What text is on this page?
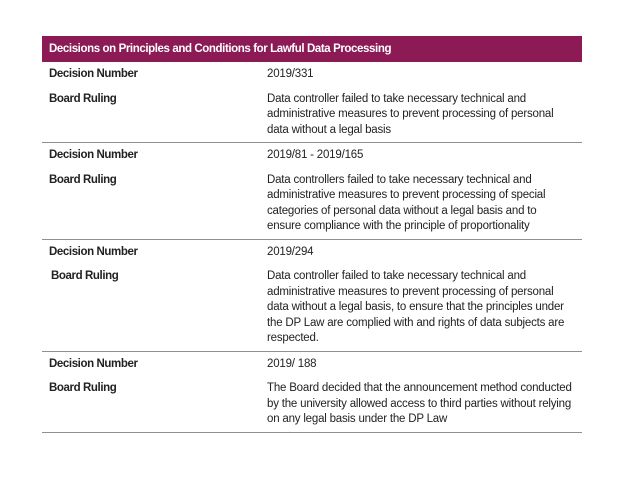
Decisions on Principles and Conditions for Lawful Data Processing
Decision Number	2019/331
Board Ruling	Data controller failed to take necessary technical and administrative measures to prevent processing of personal data without a legal basis
Decision Number	2019/81 - 2019/165
Board Ruling	Data controllers failed to take necessary technical and administrative measures to prevent processing of special categories of personal data without a legal basis and to ensure compliance with the principle of proportionality
Decision Number	2019/294
Board Ruling	Data controller failed to take necessary technical and administrative measures to prevent processing of personal data without a legal basis, to ensure that the principles under the DP Law are complied with and rights of data subjects are respected.
Decision Number	2019/ 188
Board Ruling	The Board decided that the announcement method conducted by the university allowed access to third parties without relying on any legal basis under the DP Law
